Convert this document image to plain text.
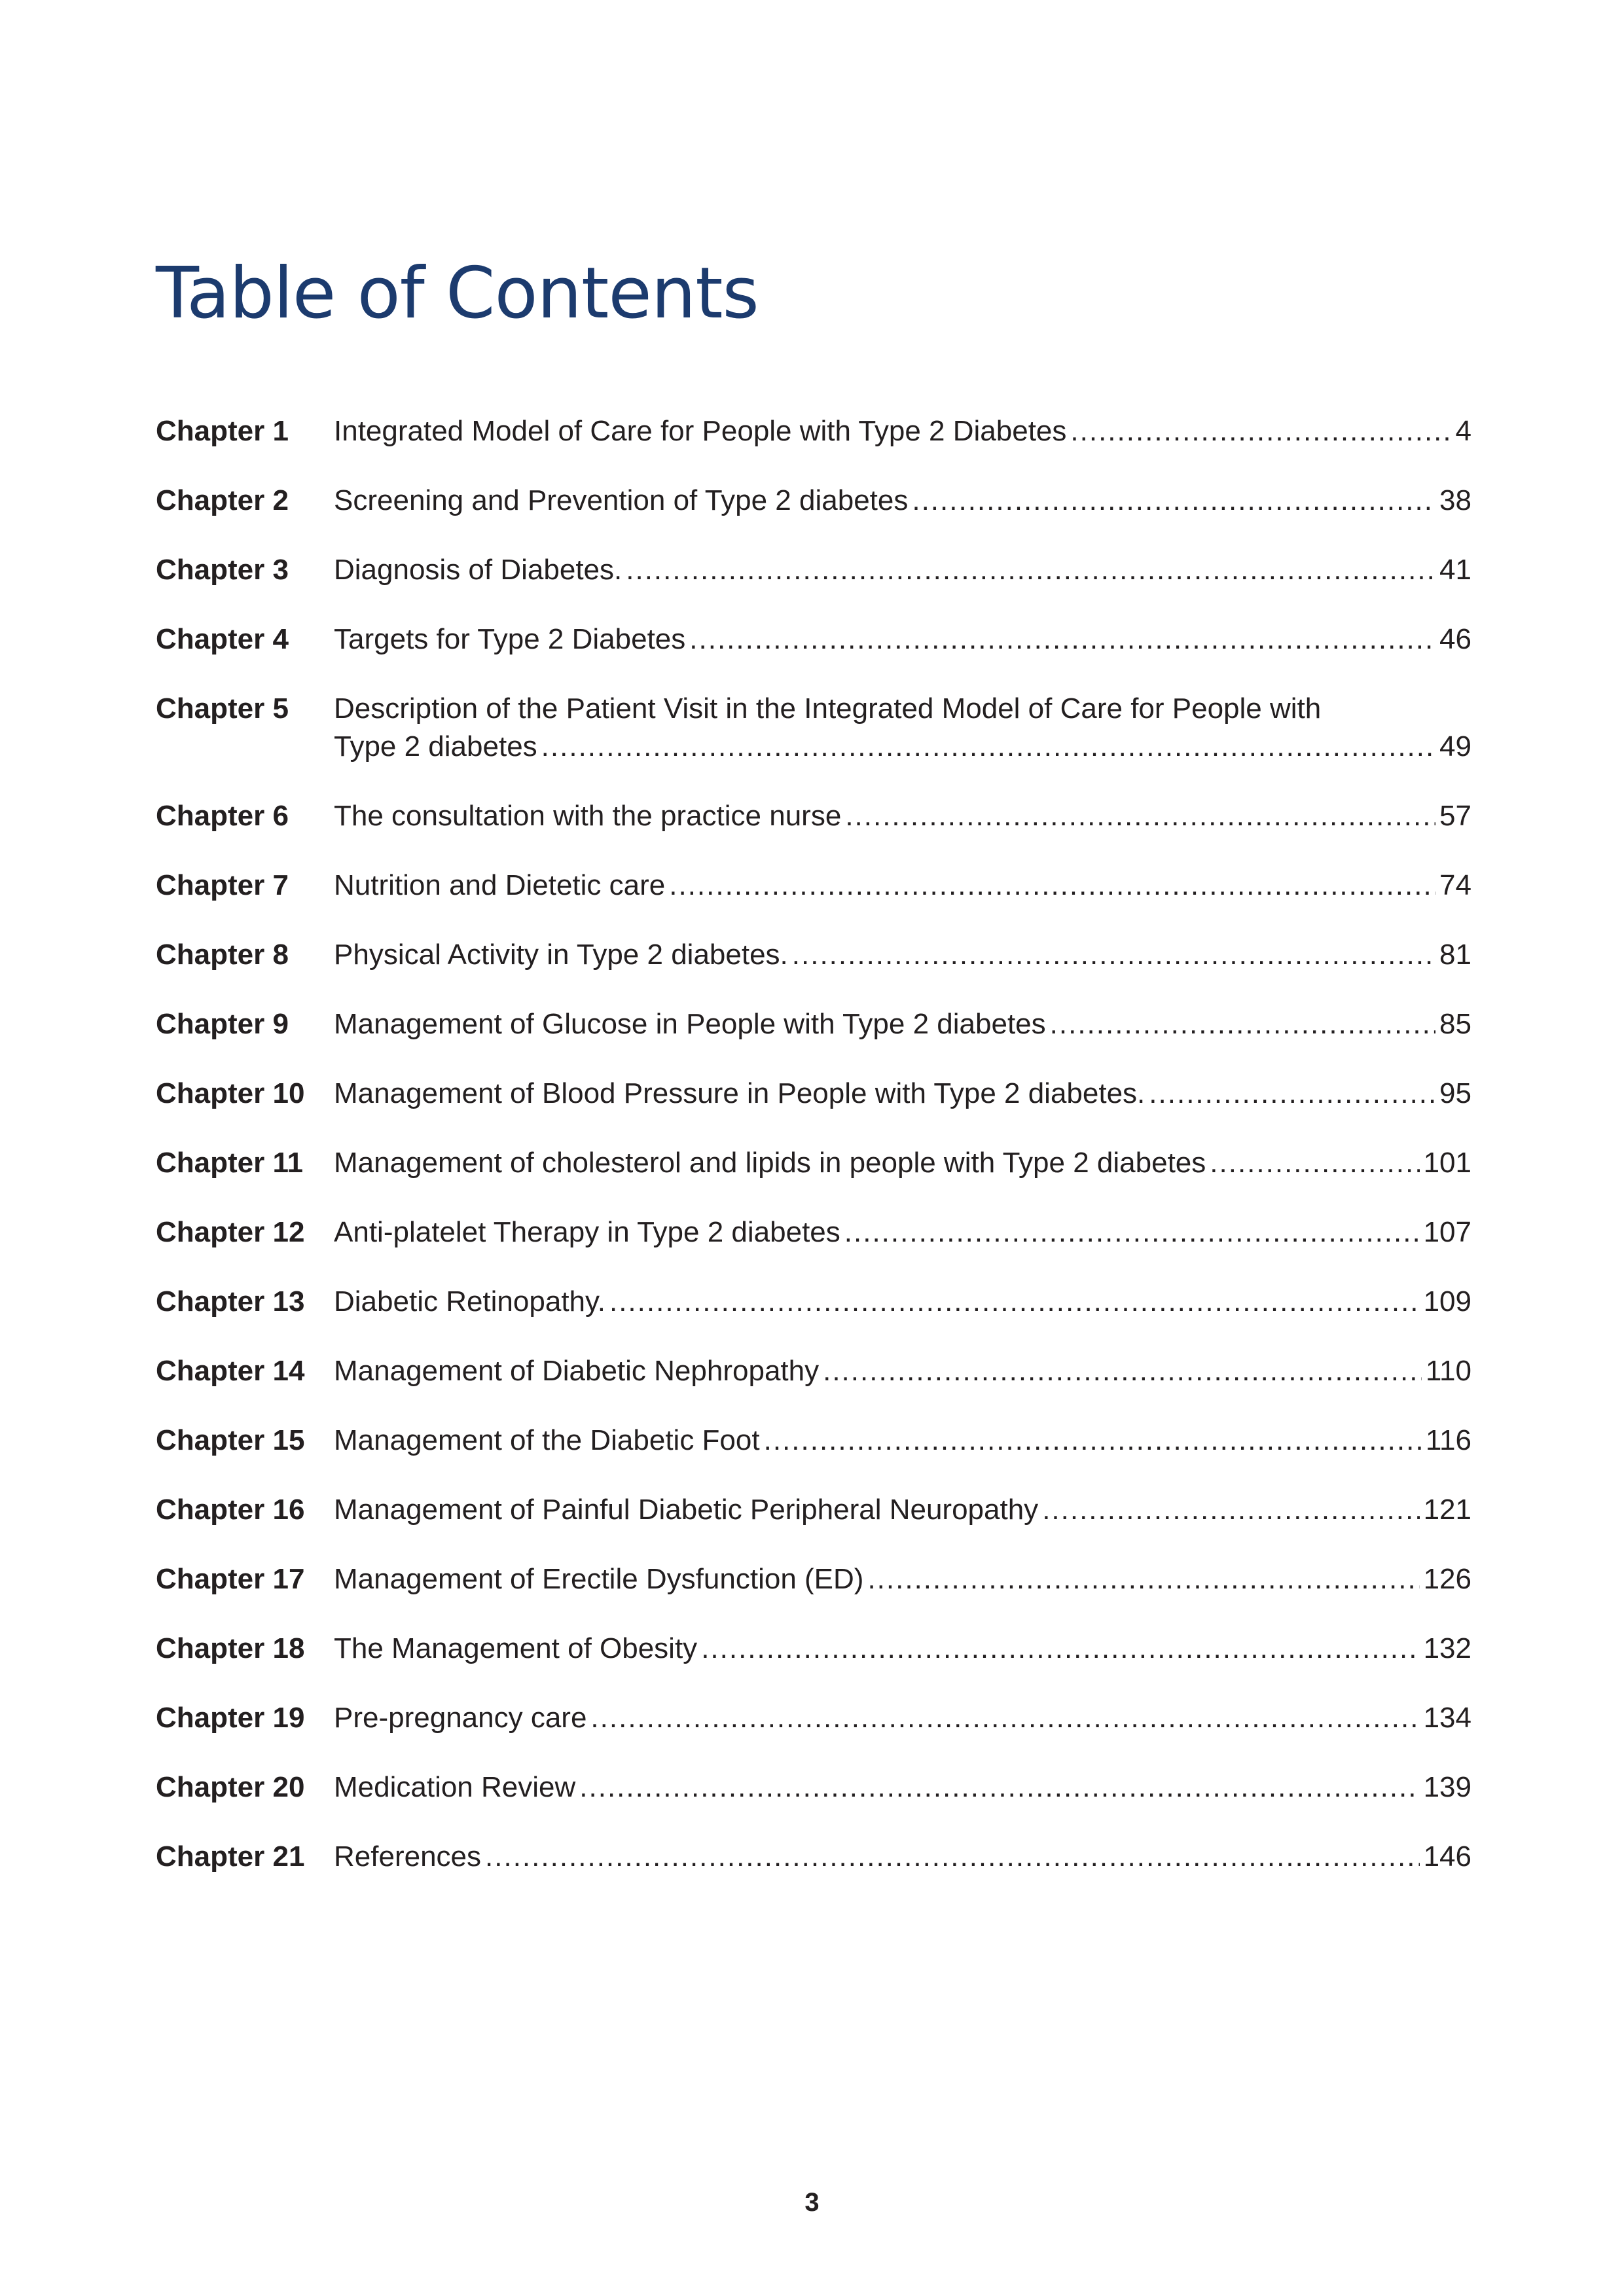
Table of Contents
Chapter 1	Integrated Model of Care for People with Type 2 Diabetes .....	4
Chapter 2	Screening and Prevention of Type 2 diabetes .....	38
Chapter 3	Diagnosis of Diabetes. .....	41
Chapter 4	Targets for Type 2 Diabetes .....	46
Chapter 5	Description of the Patient Visit in the Integrated Model of Care for People with
Type 2 diabetes .....	49
Chapter 6	The consultation with the practice nurse .....	57
Chapter 7	Nutrition and Dietetic care .....	74
Chapter 8	Physical Activity in Type 2 diabetes. .....	81
Chapter 9	Management of Glucose in People with Type 2 diabetes .....	85
Chapter 10	Management of Blood Pressure in People with Type 2 diabetes. .....	95
Chapter 11	Management of cholesterol and lipids in people with Type 2 diabetes .....	101
Chapter 12	Anti-platelet Therapy in Type 2 diabetes .....	107
Chapter 13	Diabetic Retinopathy. .....	109
Chapter 14	Management of Diabetic Nephropathy .....	110
Chapter 15	Management of the Diabetic Foot .....	116
Chapter 16	Management of Painful Diabetic Peripheral Neuropathy .....	121
Chapter 17	Management of Erectile Dysfunction (ED) .....	126
Chapter 18	The Management of Obesity .....	132
Chapter 19	Pre-pregnancy care .....	134
Chapter 20	Medication Review .....	139
Chapter 21	References .....	146
3
